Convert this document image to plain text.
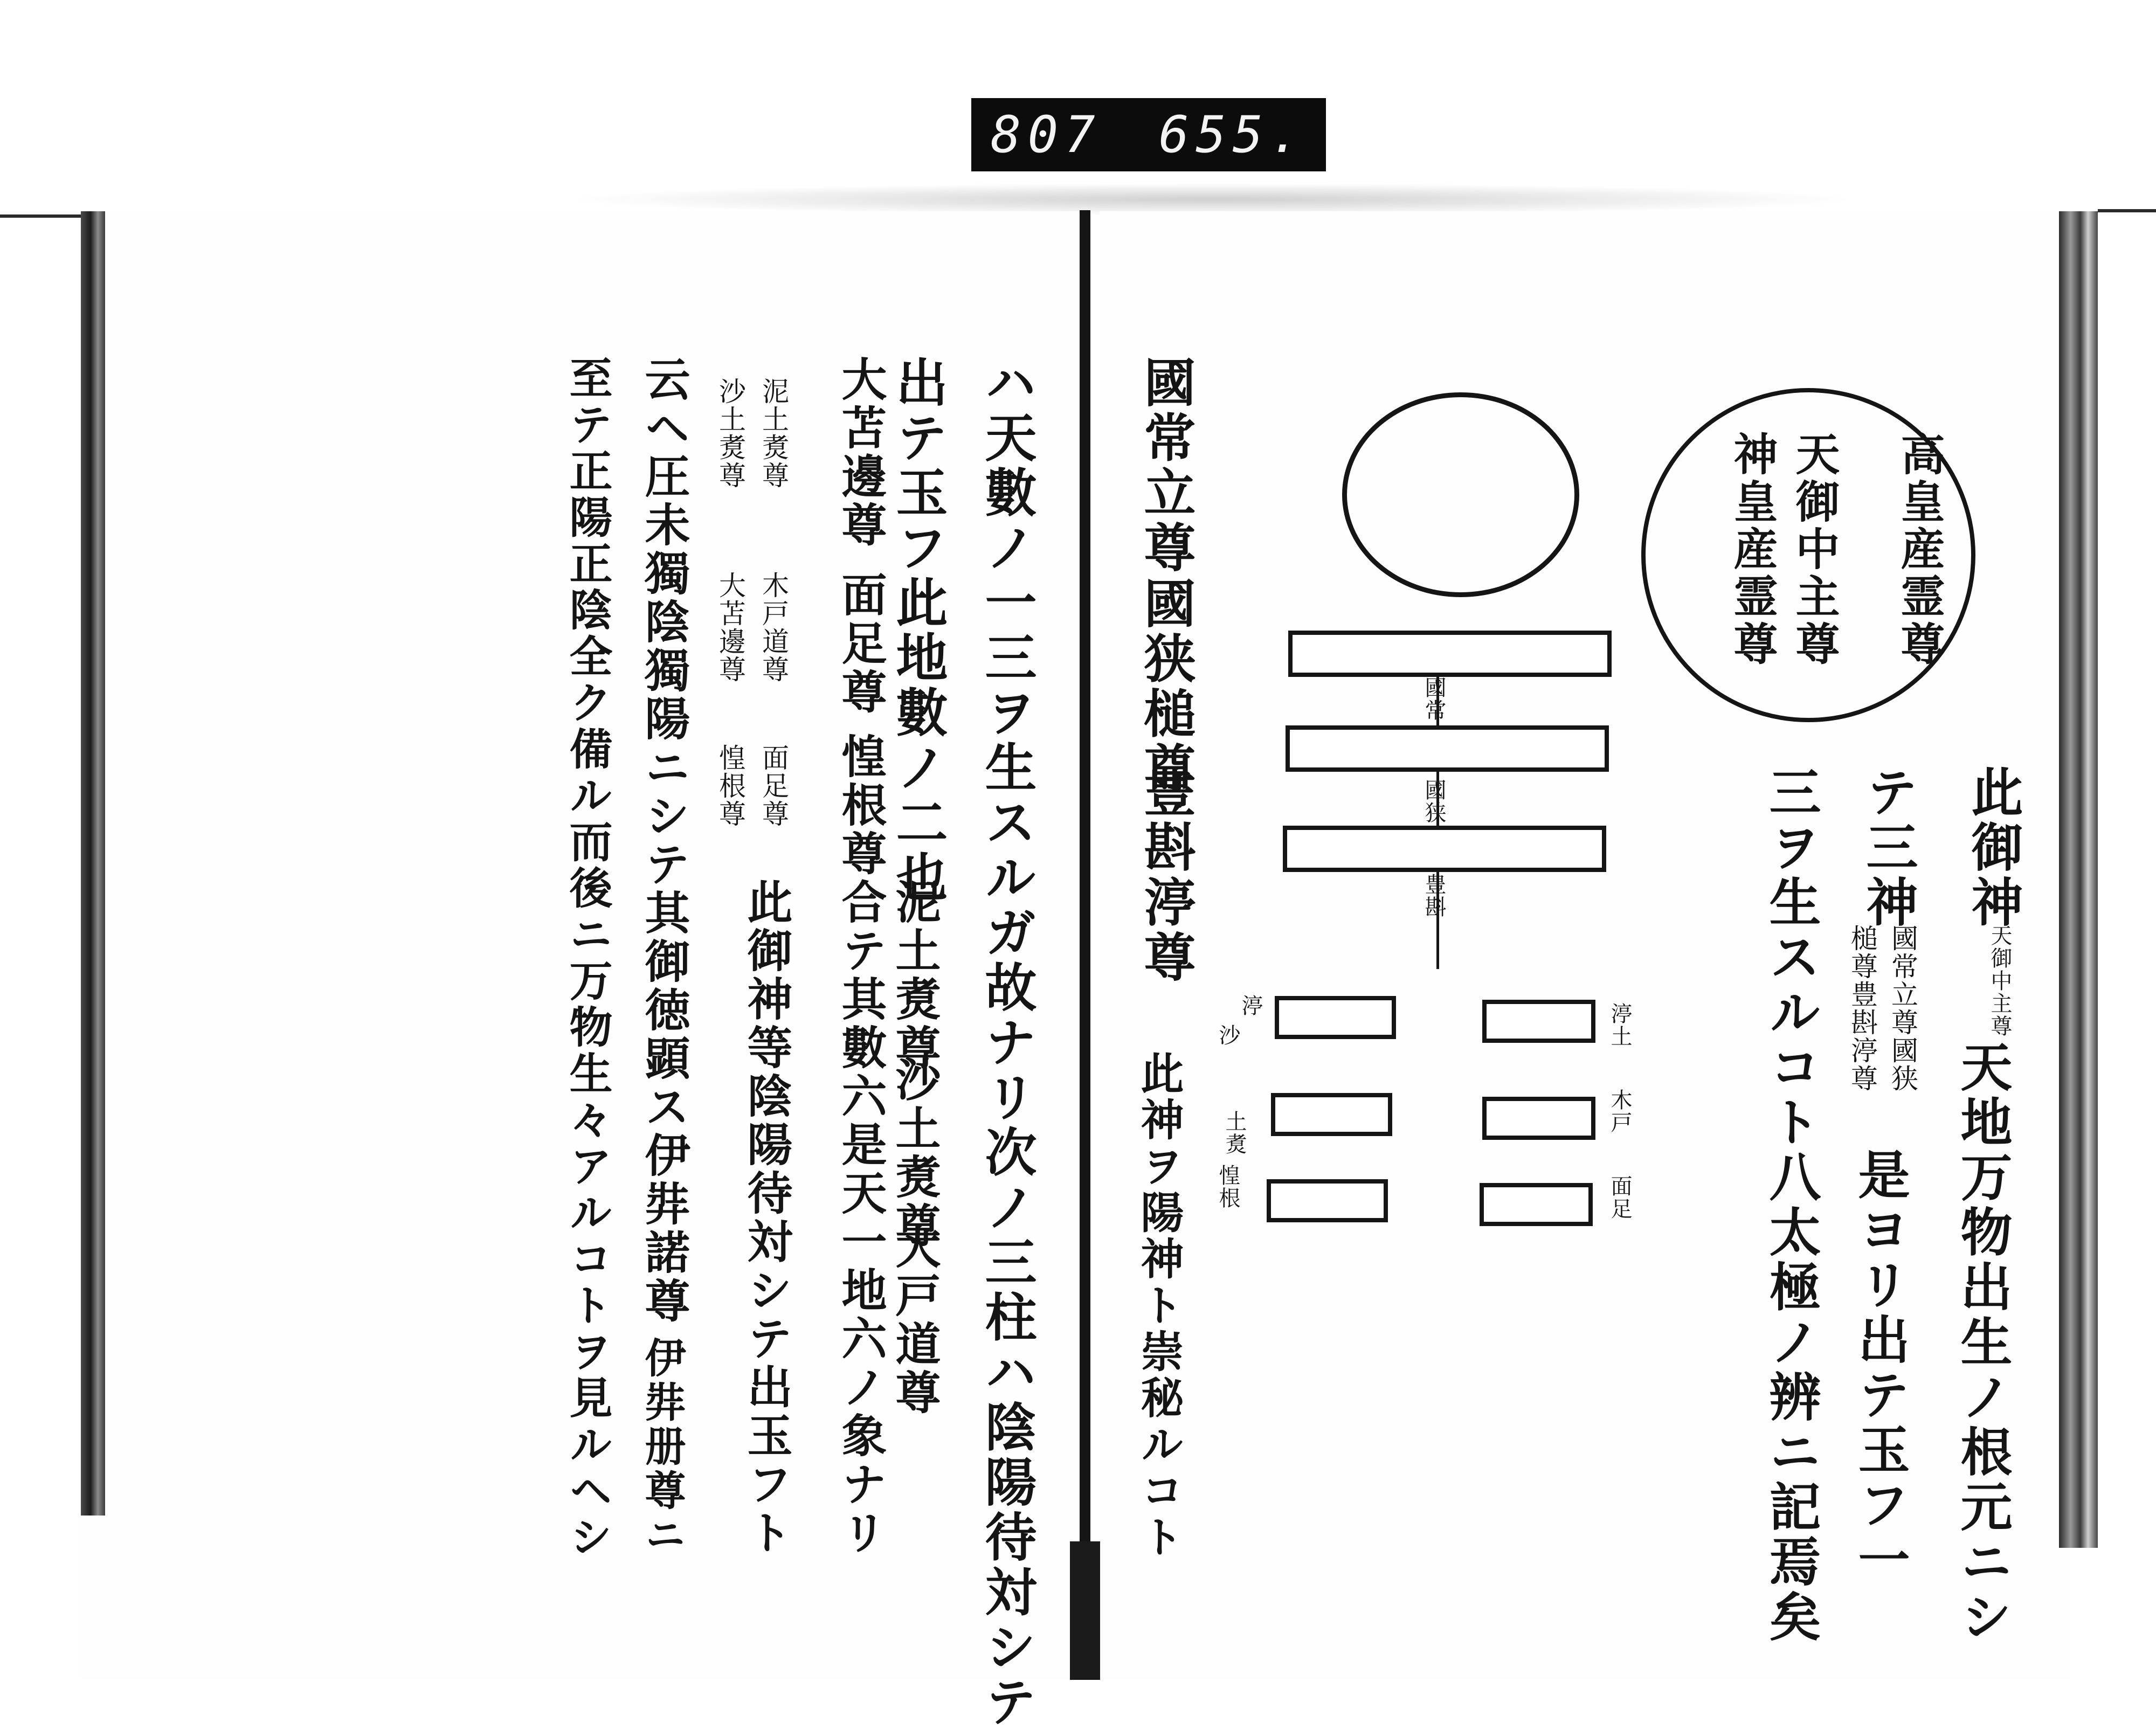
807 655.
高皇産霊尊
天御中主尊
神皇産霊尊
國常
國狭
豊斟
渟土
木戸
面足
渟
土煑
沙
惶根
此御神
天御中主尊
天地万物出生ノ根元ニシ
テ三神
國常立尊國狭
槌尊豊斟渟尊
是ヨリ出テ玉フ一
三ヲ生スルコト八太極ノ辨ニ記焉矣
國常立尊
國狭槌尊
豊斟渟尊
此神ヲ陽神ト崇秘ルコト
ハ天數ノ一三ヲ生スルガ故ナリ次ノ三柱ハ陰陽待対シテ
出テ玉フ此地數ノ二也
大苫邊尊
面足尊
惶根尊合テ其數六是天一地六ノ象ナリ 泥土煑尊
沙土煑尊
大戸道尊
泥土煑尊
沙土煑尊
木戸道尊
大苫邊尊
面足尊
惶根尊
此御神等陰陽待対シテ出玉フト
云ヘ圧未獨陰獨陽ニシテ其御徳顕ス伊弉諾尊
伊弉册尊ニ
至テ正陽正陰全ク備ル而後ニ万物生々アルコトヲ見ルヘシ
